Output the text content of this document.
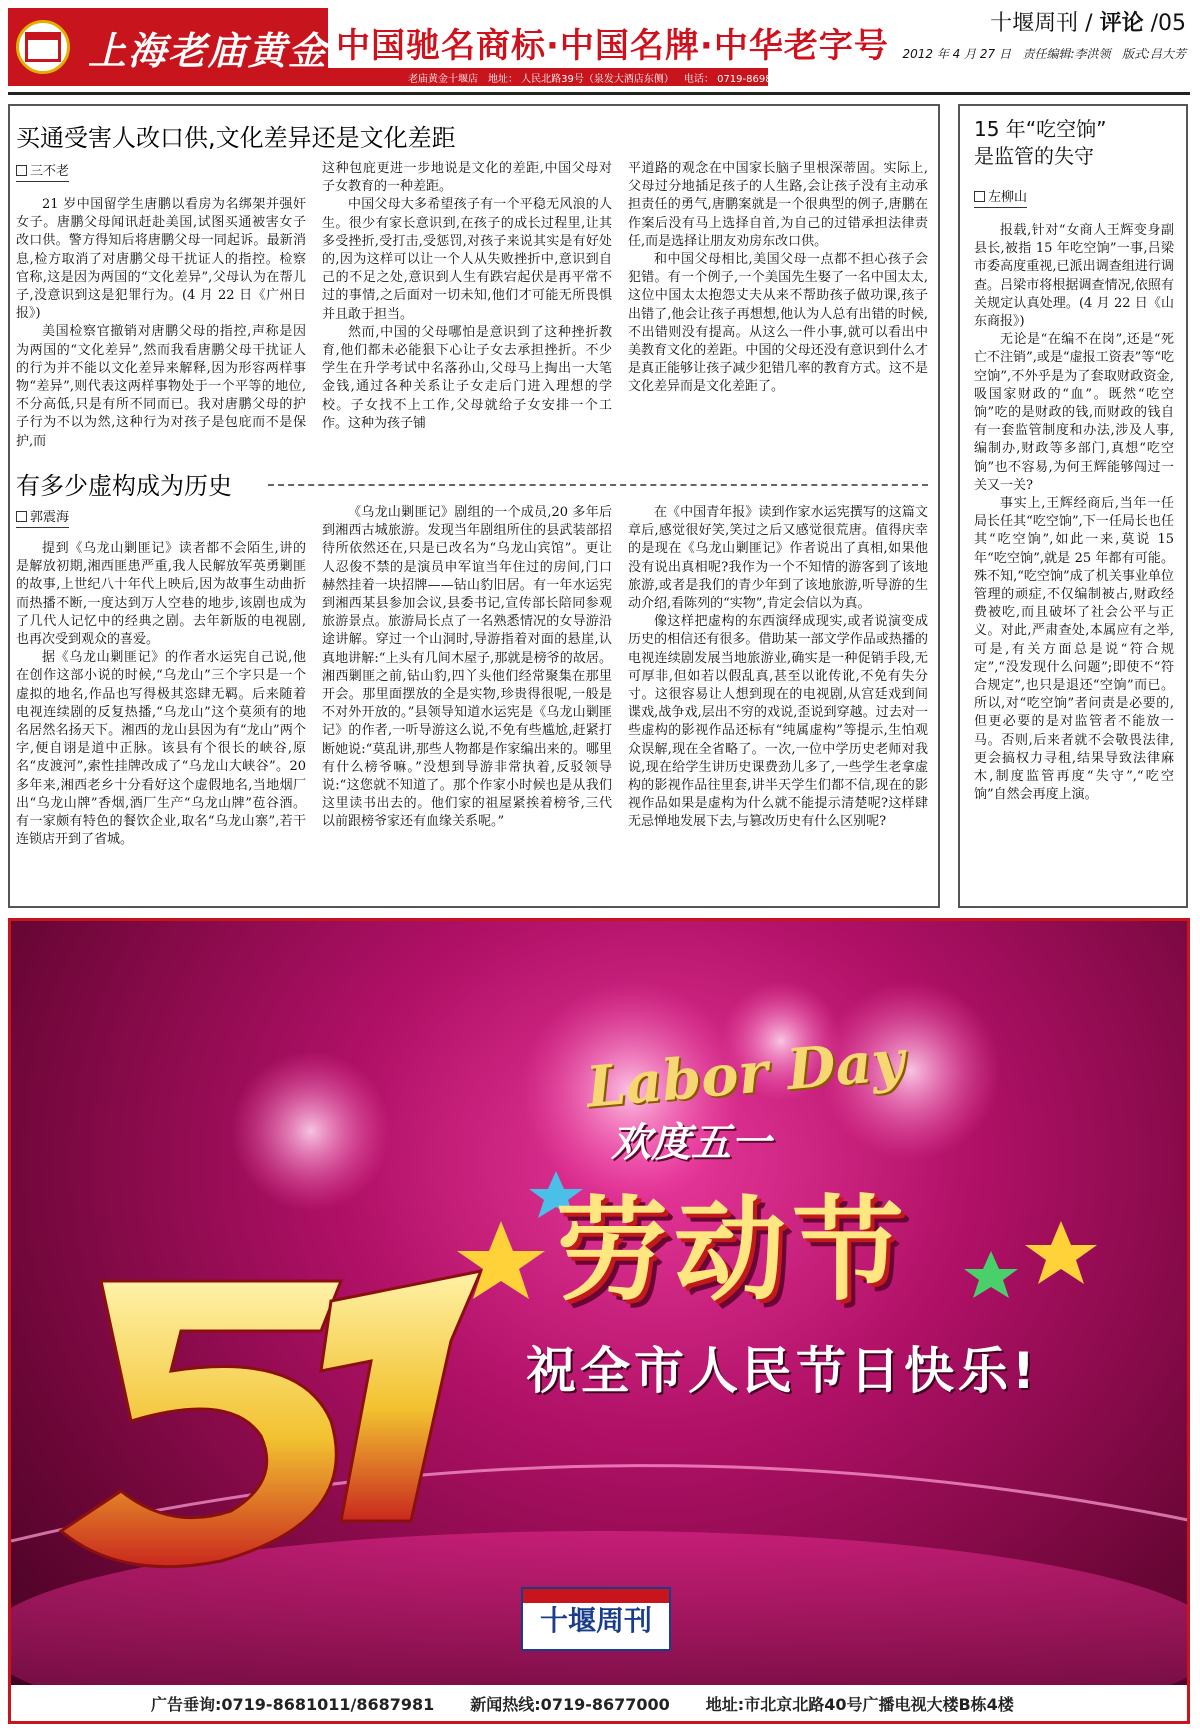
上海老庙黄金 中国驰名商标·中国名牌·中华老字号
老庙黄金十堰店 地址： 人民北路39号（泉发大酒店东侧） 电话： 0719-8698067
十堰周刊 / 评论 /05
2012 年 4 月 27 日 责任编辑:李洪领 版式:吕大芳
买通受害人改口供,文化差异还是文化差距
三不老

21 岁中国留学生唐鹏以看房为名绑架并强奸女子。唐鹏父母闻讯赶赴美国,试图买通被害女子改口供。警方得知后将唐鹏父母一同起诉。最新消息,检方取消了对唐鹏父母干扰证人的指控。检察官称,这是因为两国的“文化差异”,父母认为在帮儿子,没意识到这是犯罪行为。(4 月 22 日《广州日报》)

美国检察官撤销对唐鹏父母的指控,声称是因为两国的“文化差异”,然而我看唐鹏父母干扰证人的行为并不能以文化差异来解释,因为形容两样事物“差异”,则代表这两样事物处于一个平等的地位,不分高低,只是有所不同而已。我对唐鹏父母的护子行为不以为然,这种行为对孩子是包庇而不是保护,而

这种包庇更进一步地说是文化的差距,中国父母对子女教育的一种差距。

中国父母大多希望孩子有一个平稳无风浪的人生。很少有家长意识到,在孩子的成长过程里,让其多受挫折,受打击,受惩罚,对孩子来说其实是有好处的,因为这样可以让一个人从失败挫折中,意识到自己的不足之处,意识到人生有跌宕起伏是再平常不过的事情,之后面对一切未知,他们才可能无所畏惧并且敢于担当。

然而,中国的父母哪怕是意识到了这种挫折教育,他们都未必能狠下心让子女去承担挫折。不少学生在升学考试中名落孙山,父母马上掏出一大笔金钱,通过各种关系让子女走后门进入理想的学校。子女找不上工作,父母就给子女安排一个工作。这种为孩子铺

平道路的观念在中国家长脑子里根深蒂固。实际上,父母过分地插足孩子的人生路,会让孩子没有主动承担责任的勇气,唐鹏案就是一个很典型的例子,唐鹏在作案后没有马上选择自首,为自己的过错承担法律责任,而是选择让朋友劝房东改口供。

和中国父母相比,美国父母一点都不担心孩子会犯错。有一个例子,一个美国先生娶了一名中国太太,这位中国太太抱怨丈夫从来不帮助孩子做功课,孩子出错了,他会让孩子再想想,他认为人总有出错的时候,不出错则没有提高。从这么一件小事,就可以看出中美教育文化的差距。中国的父母还没有意识到什么才是真正能够让孩子减少犯错几率的教育方式。这不是文化差异而是文化差距了。

有多少虚构成为历史
郭震海

提到《乌龙山剿匪记》读者都不会陌生,讲的是解放初期,湘西匪患严重,我人民解放军英勇剿匪的故事,上世纪八十年代上映后,因为故事生动曲折而热播不断,一度达到万人空巷的地步,该剧也成为了几代人记忆中的经典之剧。去年新版的电视剧,也再次受到观众的喜爱。

据《乌龙山剿匪记》的作者水运宪自己说,他在创作这部小说的时候,“乌龙山”三个字只是一个虚拟的地名,作品也写得极其恣肆无羁。后来随着电视连续剧的反复热播,“乌龙山”这个莫须有的地名居然名扬天下。湘西的龙山县因为有“龙山”两个字,便自诩是道中正脉。该县有个很长的峡谷,原名“皮渡河”,索性挂牌改成了“乌龙山大峡谷”。20 多年来,湘西老乡十分看好这个虚假地名,当地烟厂出“乌龙山牌”香烟,酒厂生产“乌龙山牌”苞谷酒。有一家颇有特色的餐饮企业,取名“乌龙山寨”,若干连锁店开到了省城。

《乌龙山剿匪记》剧组的一个成员,20 多年后到湘西古城旅游。发现当年剧组所住的县武装部招待所依然还在,只是已改名为“乌龙山宾馆”。更让人忍俊不禁的是演员申军谊当年住过的房间,门口赫然挂着一块招牌——钻山豹旧居。有一年水运宪到湘西某县参加会议,县委书记,宣传部长陪同参观旅游景点。旅游局长点了一名熟悉情况的女导游沿途讲解。穿过一个山洞时,导游指着对面的悬崖,认真地讲解:“上头有几间木屋子,那就是榜爷的故居。湘西剿匪之前,钻山豹,四丫头他们经常聚集在那里开会。那里面摆放的全是实物,珍贵得很呢,一般是不对外开放的。”县领导知道水运宪是《乌龙山剿匪记》的作者,一听导游这么说,不免有些尴尬,赶紧打断她说:“莫乱讲,那些人物都是作家编出来的。哪里有什么榜爷嘛。”没想到导游非常执着,反驳领导说:“这您就不知道了。那个作家小时候也是从我们这里读书出去的。他们家的祖屋紧挨着榜爷,三代以前跟榜爷家还有血缘关系呢。”

在《中国青年报》读到作家水运宪撰写的这篇文章后,感觉很好笑,笑过之后又感觉很荒唐。值得庆幸的是现在《乌龙山剿匪记》作者说出了真相,如果他没有说出真相呢?我作为一个不知情的游客到了该地旅游,或者是我们的青少年到了该地旅游,听导游的生动介绍,看陈列的“实物”,肯定会信以为真。

像这样把虚构的东西演绎成现实,或者说演变成历史的相信还有很多。借助某一部文学作品或热播的电视连续剧发展当地旅游业,确实是一种促销手段,无可厚非,但如若以假乱真,甚至以讹传讹,不免有失分寸。这很容易让人想到现在的电视剧,从宫廷戏到间谍戏,战争戏,层出不穷的戏说,歪说到穿越。过去对一些虚构的影视作品还标有“纯属虚构”等提示,生怕观众误解,现在全省略了。一次,一位中学历史老师对我说,现在给学生讲历史课费劲儿多了,一些学生老拿虚构的影视作品往里套,讲半天学生们都不信,现在的影视作品如果是虚构为什么就不能提示清楚呢?这样肆无忌惮地发展下去,与篡改历史有什么区别呢?

15 年“吃空饷”
是监管的失守
左柳山

报载,针对“女商人王辉变身副县长,被指 15 年吃空饷”一事,吕梁市委高度重视,已派出调查组进行调查。吕梁市将根据调查情况,依照有关规定认真处理。(4 月 22 日《山东商报》)

无论是“在编不在岗”,还是“死亡不注销”,或是“虚报工资表”等“吃空饷”,不外乎是为了套取财政资金,吸国家财政的“血”。既然“吃空饷”吃的是财政的钱,而财政的钱自有一套监管制度和办法,涉及人事,编制办,财政等多部门,真想“吃空饷”也不容易,为何王辉能够闯过一关又一关?

事实上,王辉经商后,当年一任局长任其“吃空饷”,下一任局长也任其“吃空饷”,如此一来,莫说 15 年“吃空饷”,就是 25 年都有可能。殊不知,“吃空饷”成了机关事业单位管理的顽症,不仅编制被占,财政经费被吃,而且破坏了社会公平与正义。对此,严肃查处,本属应有之举,可是,有关方面总是说“符合规定”,“没发现什么问题”;即使不“符合规定”,也只是退还“空饷”而已。所以,对“吃空饷”者问责是必要的,但更必要的是对监管者不能放一马。否则,后来者就不会敬畏法律,更会搞权力寻租,结果导致法律麻木,制度监管再度“失守”,“吃空饷”自然会再度上演。

Labor Day
欢度五一
劳动节
祝全市人民节日快乐!
十堰周刊
广告垂询:0719-8681011/8687981 新闻热线:0719-8677000 地址:市北京北路40号广播电视大楼B栋4楼
